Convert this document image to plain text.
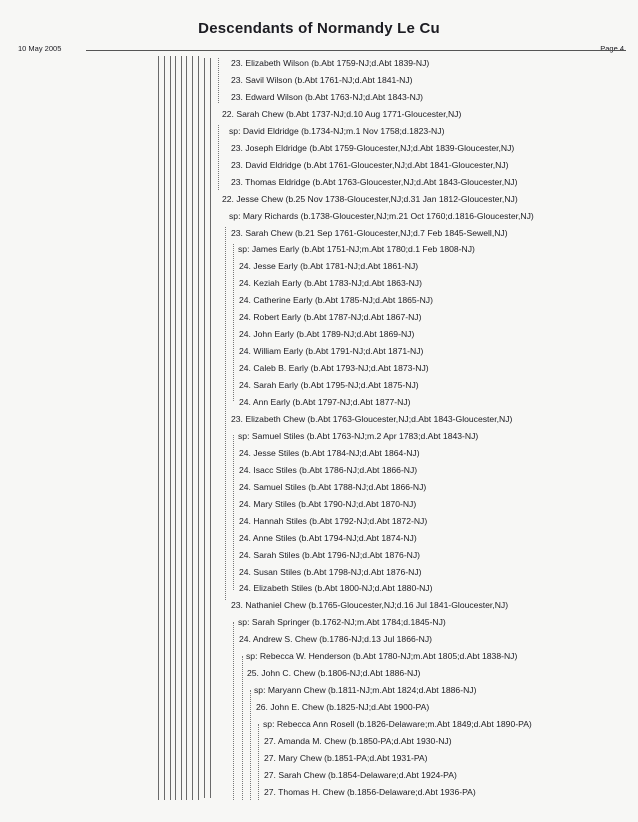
Descendants of Normandy Le Cu
10 May 2005	Page 4
23. Elizabeth Wilson (b.Abt 1759-NJ;d.Abt 1839-NJ)
23. Savil Wilson (b.Abt 1761-NJ;d.Abt 1841-NJ)
23. Edward Wilson (b.Abt 1763-NJ;d.Abt 1843-NJ)
22. Sarah Chew (b.Abt 1737-NJ;d.10 Aug 1771-Gloucester,NJ)
sp: David Eldridge (b.1734-NJ;m.1 Nov 1758;d.1823-NJ)
23. Joseph Eldridge (b.Abt 1759-Gloucester,NJ;d.Abt 1839-Gloucester,NJ)
23. David Eldridge (b.Abt 1761-Gloucester,NJ;d.Abt 1841-Gloucester,NJ)
23. Thomas Eldridge (b.Abt 1763-Gloucester,NJ;d.Abt 1843-Gloucester,NJ)
22. Jesse Chew (b.25 Nov 1738-Gloucester,NJ;d.31 Jan 1812-Gloucester,NJ)
sp: Mary Richards (b.1738-Gloucester,NJ;m.21 Oct 1760;d.1816-Gloucester,NJ)
23. Sarah Chew (b.21 Sep 1761-Gloucester,NJ;d.7 Feb 1845-Sewell,NJ)
sp: James Early (b.Abt 1751-NJ;m.Abt 1780;d.1 Feb 1808-NJ)
24. Jesse Early (b.Abt 1781-NJ;d.Abt 1861-NJ)
24. Keziah Early (b.Abt 1783-NJ;d.Abt 1863-NJ)
24. Catherine Early (b.Abt 1785-NJ;d.Abt 1865-NJ)
24. Robert Early (b.Abt 1787-NJ;d.Abt 1867-NJ)
24. John Early (b.Abt 1789-NJ;d.Abt 1869-NJ)
24. William Early (b.Abt 1791-NJ;d.Abt 1871-NJ)
24. Caleb B. Early (b.Abt 1793-NJ;d.Abt 1873-NJ)
24. Sarah Early (b.Abt 1795-NJ;d.Abt 1875-NJ)
24. Ann Early (b.Abt 1797-NJ;d.Abt 1877-NJ)
23. Elizabeth Chew (b.Abt 1763-Gloucester,NJ;d.Abt 1843-Gloucester,NJ)
sp: Samuel Stiles (b.Abt 1763-NJ;m.2 Apr 1783;d.Abt 1843-NJ)
24. Jesse Stiles (b.Abt 1784-NJ;d.Abt 1864-NJ)
24. Isacc Stiles (b.Abt 1786-NJ;d.Abt 1866-NJ)
24. Samuel Stiles (b.Abt 1788-NJ;d.Abt 1866-NJ)
24. Mary Stiles (b.Abt 1790-NJ;d.Abt 1870-NJ)
24. Hannah Stiles (b.Abt 1792-NJ;d.Abt 1872-NJ)
24. Anne Stiles (b.Abt 1794-NJ;d.Abt 1874-NJ)
24. Sarah Stiles (b.Abt 1796-NJ;d.Abt 1876-NJ)
24. Susan Stiles (b.Abt 1798-NJ;d.Abt 1876-NJ)
24. Elizabeth Stiles (b.Abt 1800-NJ;d.Abt 1880-NJ)
23. Nathaniel Chew (b.1765-Gloucester,NJ;d.16 Jul 1841-Gloucester,NJ)
sp: Sarah Springer (b.1762-NJ;m.Abt 1784;d.1845-NJ)
24. Andrew S. Chew (b.1786-NJ;d.13 Jul 1866-NJ)
sp: Rebecca W. Henderson (b.Abt 1780-NJ;m.Abt 1805;d.Abt 1838-NJ)
25. John C. Chew (b.1806-NJ;d.Abt 1886-NJ)
sp: Maryann Chew (b.1811-NJ;m.Abt 1824;d.Abt 1886-NJ)
26. John E. Chew (b.1825-NJ;d.Abt 1900-PA)
sp: Rebecca Ann Rosell (b.1826-Delaware;m.Abt 1849;d.Abt 1890-PA)
27. Amanda M. Chew (b.1850-PA;d.Abt 1930-NJ)
27. Mary Chew (b.1851-PA;d.Abt 1931-PA)
27. Sarah Chew (b.1854-Delaware;d.Abt 1924-PA)
27. Thomas H. Chew (b.1856-Delaware;d.Abt 1936-PA)
